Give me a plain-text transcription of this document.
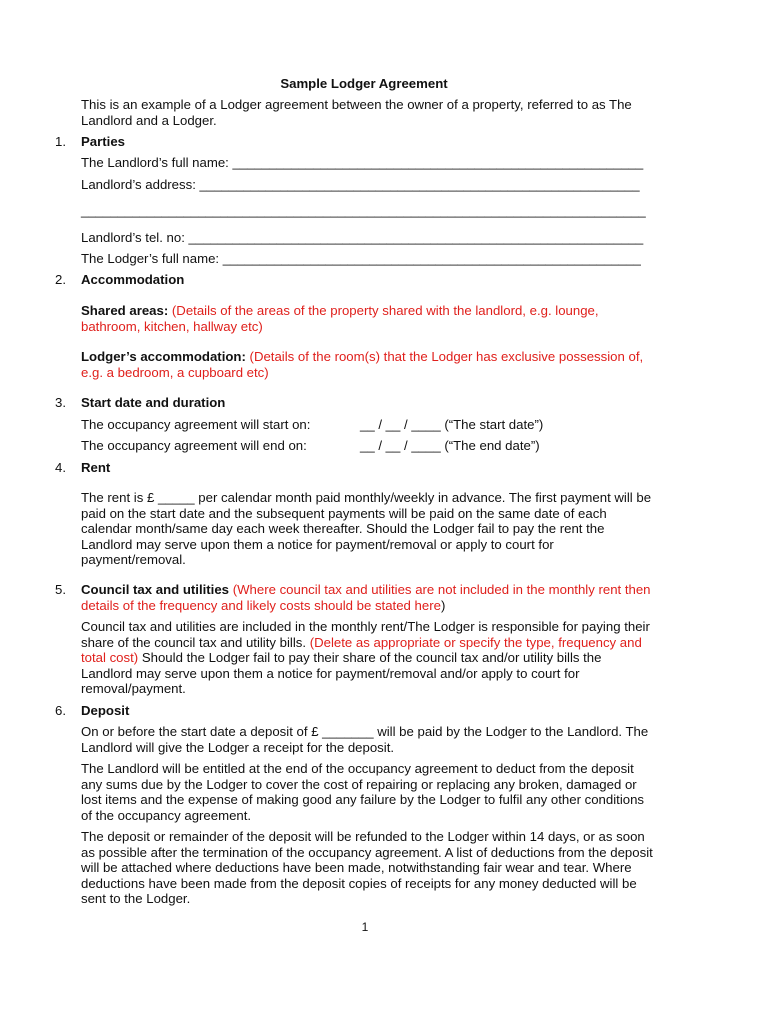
Sample Lodger Agreement

This is an example of a Lodger agreement between the owner of a property, referred to as The Landlord and a Lodger.

1. Parties
The Landlord’s full name: ________________________________________________________
Landlord’s address: ____________________________________________________________
_____________________________________________________________________________
Landlord’s tel. no: ______________________________________________________________
The Lodger’s full name: _________________________________________________________
2. Accommodation

Shared areas: (Details of the areas of the property shared with the landlord, e.g. lounge, bathroom, kitchen, hallway etc)

Lodger’s accommodation: (Details of the room(s) that the Lodger has exclusive possession of, e.g. a bedroom, a cupboard etc)

3. Start date and duration
The occupancy agreement will start on:	__ / __ / ____ (“The start date”)
The occupancy agreement will end on:	__ / __ / ____ (“The end date”)
4. Rent

The rent is £ _____ per calendar month paid monthly/weekly in advance. The first payment will be paid on the start date and the subsequent payments will be paid on the same date of each calendar month/same day each week thereafter. Should the Lodger fail to pay the rent the Landlord may serve upon them a notice for payment/removal or apply to court for payment/removal.

5. Council tax and utilities (Where council tax and utilities are not included in the monthly rent then details of the frequency and likely costs should be stated here)

Council tax and utilities are included in the monthly rent/The Lodger is responsible for paying their share of the council tax and utility bills. (Delete as appropriate or specify the type, frequency and total cost) Should the Lodger fail to pay their share of the council tax and/or utility bills the Landlord may serve upon them a notice for payment/removal and/or apply to court for removal/payment.

6. Deposit

On or before the start date a deposit of £ _______ will be paid by the Lodger to the Landlord. The Landlord will give the Lodger a receipt for the deposit.

The Landlord will be entitled at the end of the occupancy agreement to deduct from the deposit any sums due by the Lodger to cover the cost of repairing or replacing any broken, damaged or lost items and the expense of making good any failure by the Lodger to fulfil any other conditions of the occupancy agreement.

The deposit or remainder of the deposit will be refunded to the Lodger within 14 days, or as soon as possible after the termination of the occupancy agreement. A list of deductions from the deposit will be attached where deductions have been made, notwithstanding fair wear and tear. Where deductions have been made from the deposit copies of receipts for any money deducted will be sent to the Lodger.

1
